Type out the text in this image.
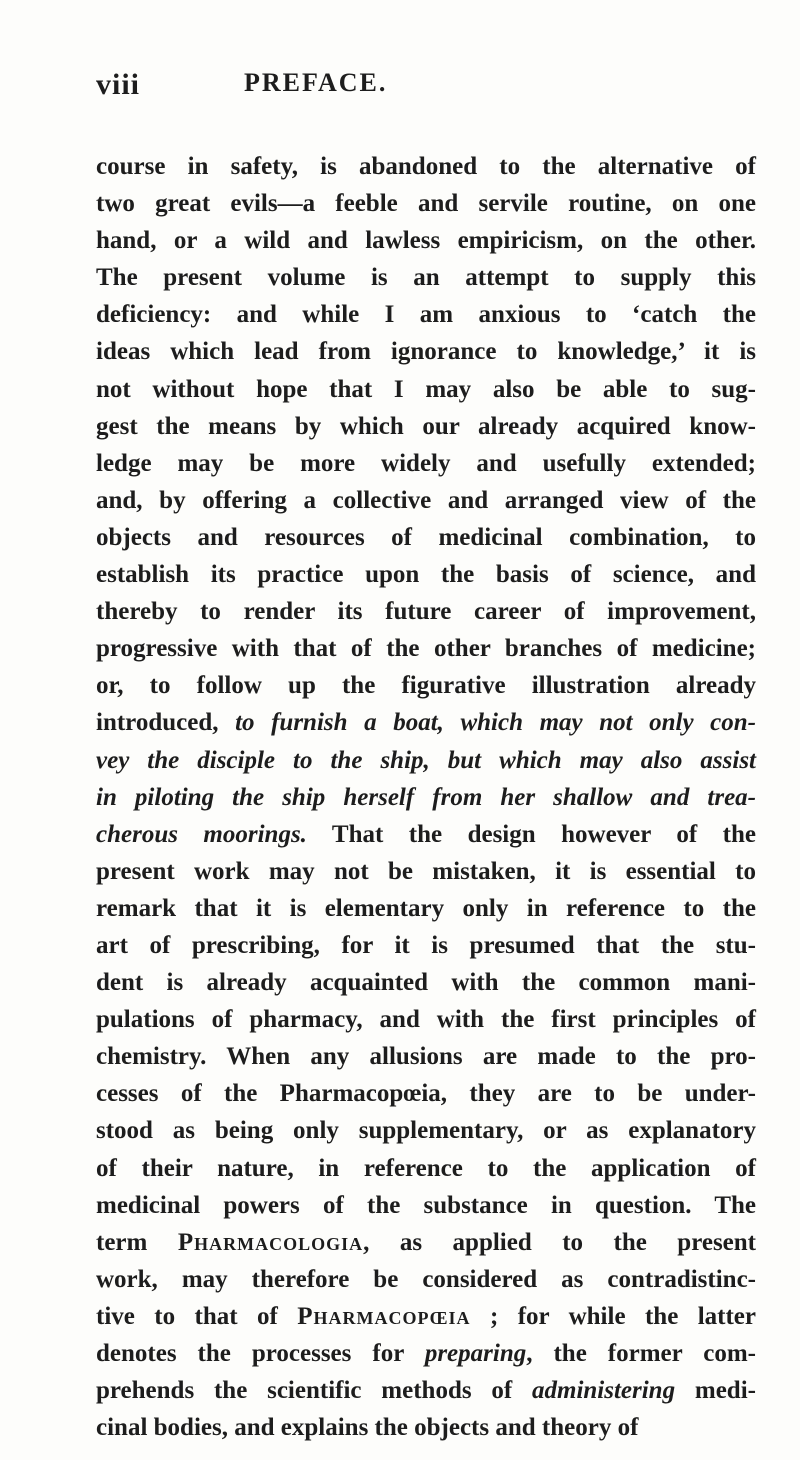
viii	PREFACE.
course in safety, is abandoned to the alternative of
two great evils—a feeble and servile routine, on one
hand, or a wild and lawless empiricism, on the other.
The present volume is an attempt to supply this
deficiency: and while I am anxious to ‘catch the
ideas which lead from ignorance to knowledge,’ it is
not without hope that I may also be able to sug-
gest the means by which our already acquired know-
ledge may be more widely and usefully extended;
and, by offering a collective and arranged view of the
objects and resources of medicinal combination, to
establish its practice upon the basis of science, and
thereby to render its future career of improvement,
progressive with that of the other branches of medicine;
or, to follow up the figurative illustration already
introduced, to furnish a boat, which may not only con-
vey the disciple to the ship, but which may also assist
in piloting the ship herself from her shallow and trea-
cherous moorings. That the design however of the
present work may not be mistaken, it is essential to
remark that it is elementary only in reference to the
art of prescribing, for it is presumed that the stu-
dent is already acquainted with the common mani-
pulations of pharmacy, and with the first principles of
chemistry. When any allusions are made to the pro-
cesses of the Pharmacopœia, they are to be under-
stood as being only supplementary, or as explanatory
of their nature, in reference to the application of
medicinal powers of the substance in question. The
term Pharmacologia, as applied to the present
work, may therefore be considered as contradistinc-
tive to that of Pharmacopœia ; for while the latter
denotes the processes for preparing, the former com-
prehends the scientific methods of administering medi-
cinal bodies, and explains the objects and theory of
